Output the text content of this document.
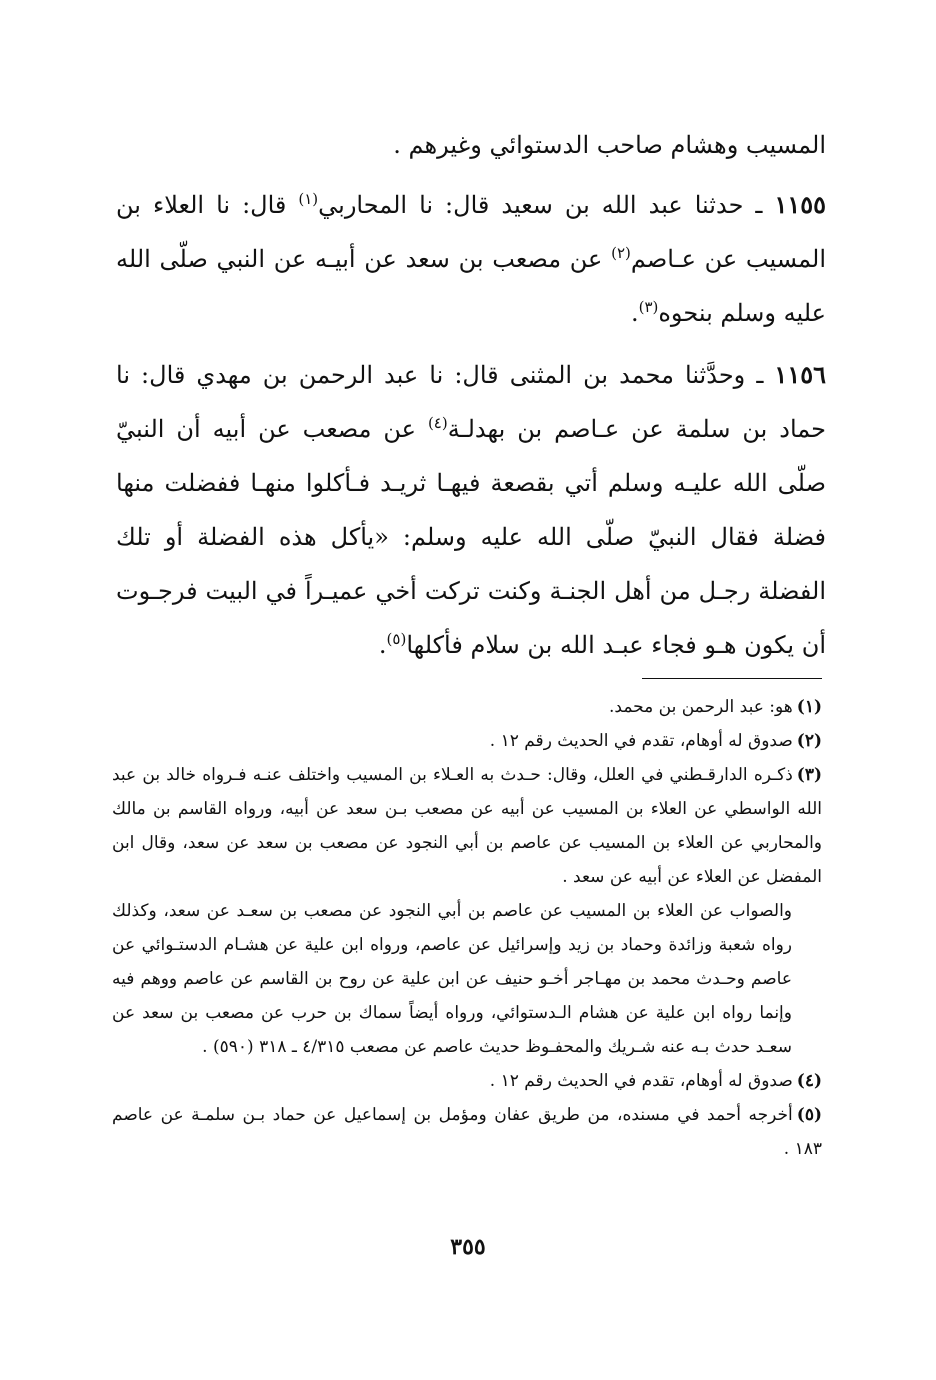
المسيب وهشام صاحب الدستوائي وغيرهم .

١١٥٥ ـ حدثنا عبد الله بن سعيد قال: نا المحاربي$^{(١)}$ قال: نا العلاء بن المسيب عن عـاصم$^{(٢)}$ عن مصعب بن سعد عن أبيـه عن النبي صلّى الله عليه وسلم بنحوه$^{(٣)}$.

١١٥٦ ـ وحدَّثنا محمد بن المثنى قال: نا عبد الرحمن بن مهدي قال: نا حماد بن سلمة عن عـاصم بن بهدلـة$^{(٤)}$ عن مصعب عن أبيه أن النبيّ صلّى الله عليـه وسلم أتي بقصعة فيهـا ثريـد فـأكلوا منهـا ففضلت منها فضلة فقال النبيّ صلّى الله عليه وسلم: «يأكل هذه الفضلة أو تلك الفضلة رجـل من أهل الجنـة وكنت تركت أخي عميـراً في البيت فرجـوت أن يكون هـو فجاء عبـد الله بن سلام فأكلها$^{(٥)}$.

(١)هو: عبد الرحمن بن محمد.

(٢)صدوق له أوهام، تقدم في الحديث رقم ١٢ .

(٣)ذكـره الدارقـطني في العلل، وقال: حـدث به العـلاء بن المسيب واختلف عنـه فـرواه خالد بن عبد الله الواسطي عن العلاء بن المسيب عن أبيه عن مصعب بـن سعد عن أبيه، ورواه القاسم بن مالك والمحاربي عن العلاء بن المسيب عن عاصم بن أبي النجود عن مصعب بن سعد عن سعد، وقال ابن المفضل عن العلاء عن أبيه عن سعد .

والصواب عن العلاء بن المسيب عن عاصم بن أبي النجود عن مصعب بن سعـد عن سعد، وكذلك رواه شعبة وزائدة وحماد بن زيد وإسرائيل عن عاصم، ورواه ابن علية عن هشـام الدستـوائي عن عاصم وحـدث محمد بن مهـاجر أخـو حنيف عن ابن علية عن روح بن القاسم عن عاصم ووهم فيه وإنما رواه ابن علية عن هشام الـدستوائي، ورواه أيضاً سماك بن حرب عن مصعب بن سعد عن سعـد حدث بـه عنه شـريك والمحفـوظ حديث عاصم عن مصعب ٤/٣١٥ ـ ٣١٨ (٥٩٠) .

(٤)صدوق له أوهام، تقدم في الحديث رقم ١٢ .

(٥)أخرجه أحمد في مسنده، من طريق عفان ومؤمل بن إسماعيل عن حماد بـن سلمـة عن عاصم ١٨٣ .

٣٥٥
